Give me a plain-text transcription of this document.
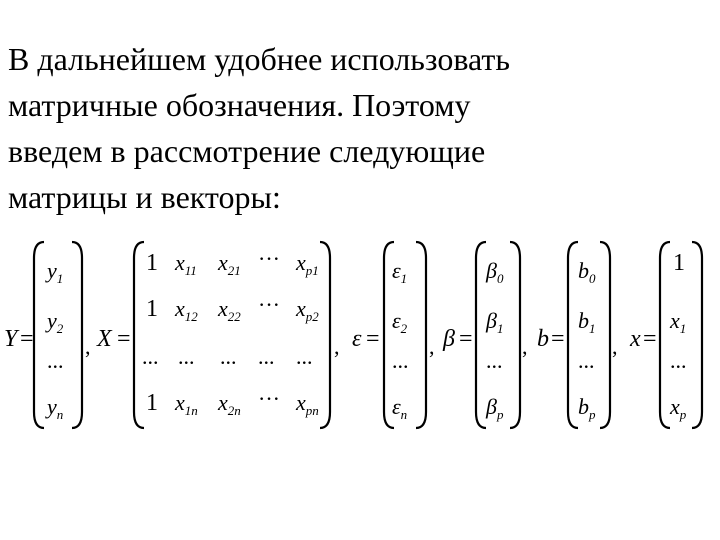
В дальнейшем удобнее использовать
матричные обозначения. Поэтому
введем в рассмотрение следующие
матрицы и векторы:
Y =
$y_1$
$y_2$
...
$y_n$
, X =
1 $x_{11}$ $x_{21}$ ··· $x_{p1}$
1 $x_{12}$ $x_{22}$ ··· $x_{p2}$
... ... ... ... ...
1 $x_{1n}$ $x_{2n}$ ··· $x_{pn}$
, ε =
$\varepsilon_1$
$\varepsilon_2$
...
$\varepsilon_n$
, β =
$\beta_0$
$\beta_1$
...
$\beta_p$
, b =
$b_0$
$b_1$
...
$b_p$
, x =
1
$x_1$
...
$x_p$
